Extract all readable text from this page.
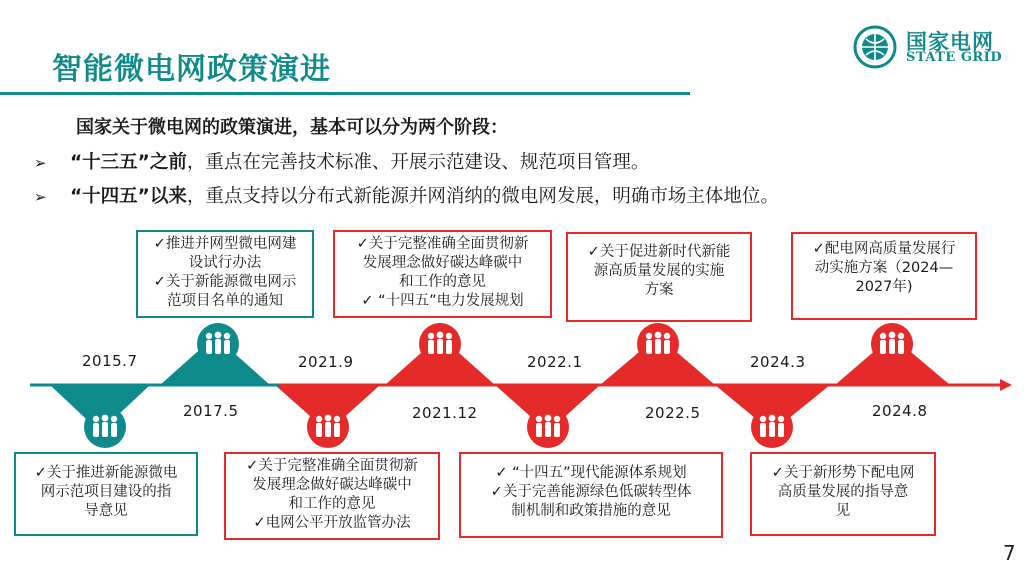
智能微电网政策演进
国家电网
STATE GRID
国家关于微电网的政策演进，基本可以分为两个阶段：
➢ “十三五”之前，重点在完善技术标准、开展示范建设、规范项目管理。
➢ “十四五”以来，重点支持以分布式新能源并网消纳的微电网发展，明确市场主体地位。
2015.7
2017.5
2021.9
2021.12
2022.1
2022.5
2024.3
2024.8
✓推进并网型微电网建
设试行办法
✓关于新能源微电网示
范项目名单的通知
✓关于完整准确全面贯彻新
发展理念做好碳达峰碳中
和工作的意见
✓ “十四五”电力发展规划
✓关于促进新时代新能
源高质量发展的实施
方案
✓配电网高质量发展行
动实施方案（2024—
2027年)
✓关于推进新能源微电
网示范项目建设的指
导意见
✓关于完整准确全面贯彻新
发展理念做好碳达峰碳中
和工作的意见
✓电网公平开放监管办法
✓ “十四五”现代能源体系规划
✓关于完善能源绿色低碳转型体
制机制和政策措施的意见
✓关于新形势下配电网
高质量发展的指导意
见
7
